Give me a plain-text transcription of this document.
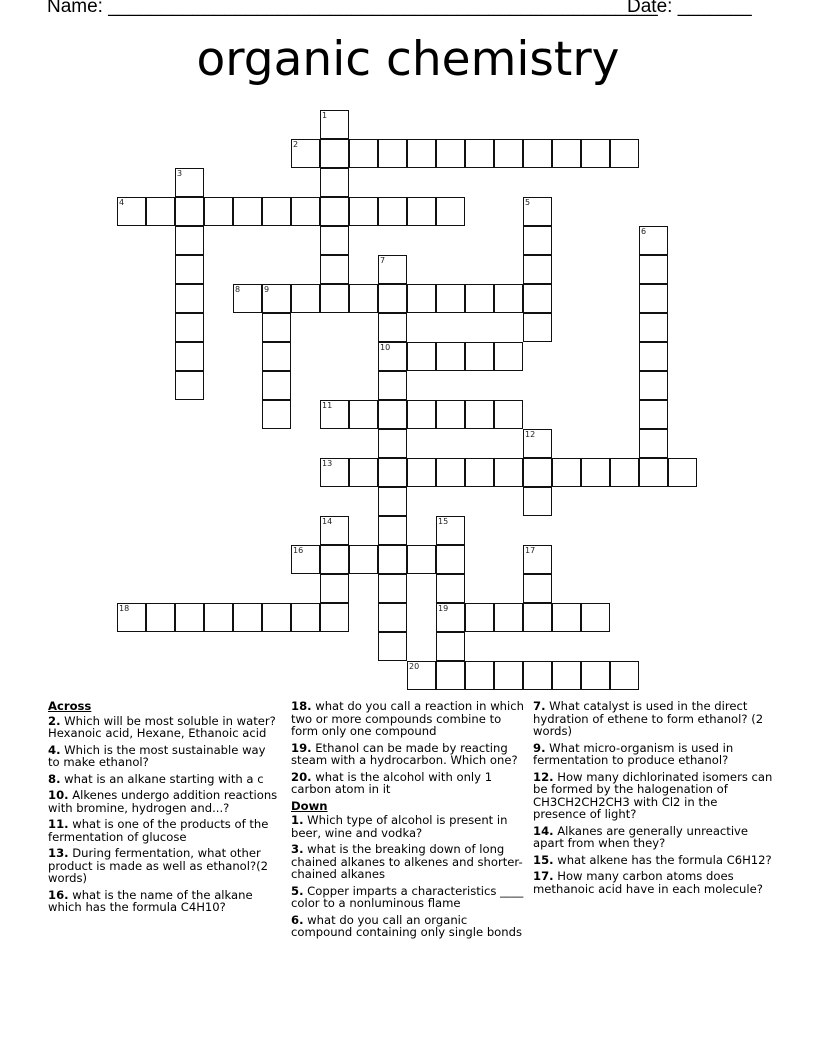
Name: ____________________________________________________
Date: _______
organic chemistry
1
2
3
4	5
6
7
10
8	9
11
12
13
14	15
19
16	17
18
20
Across
2. Which will be most soluble in water? Hexanoic acid, Hexane, Ethanoic acid
4. Which is the most sustainable way to make ethanol?
8. what is an alkane starting with a c
10. Alkenes undergo addition reactions with bromine, hydrogen and...?
11. what is one of the products of the fermentation of glucose
13. During fermentation, what other product is made as well as ethanol?(2 words)
16. what is the name of the alkane which has the formula C4H10?
18. what do you call a reaction in which two or more compounds combine to form only one compound
19. Ethanol can be made by reacting steam with a hydrocarbon. Which one?
20. what is the alcohol with only 1 carbon atom in it
Down
1. Which type of alcohol is present in beer, wine and vodka?
3. what is the breaking down of long chained alkanes to alkenes and shorter-chained alkanes
5. Copper imparts a characteristics ____ color to a nonluminous flame
6. what do you call an organic compound containing only single bonds
7. What catalyst is used in the direct hydration of ethene to form ethanol? (2 words)
9. What micro-organism is used in fermentation to produce ethanol?
12. How many dichlorinated isomers can be formed by the halogenation of CH3CH2CH2CH3 with Cl2 in the presence of light?
14. Alkanes are generally unreactive apart from when they?
15. what alkene has the formula C6H12?
17. How many carbon atoms does methanoic acid have in each molecule?
